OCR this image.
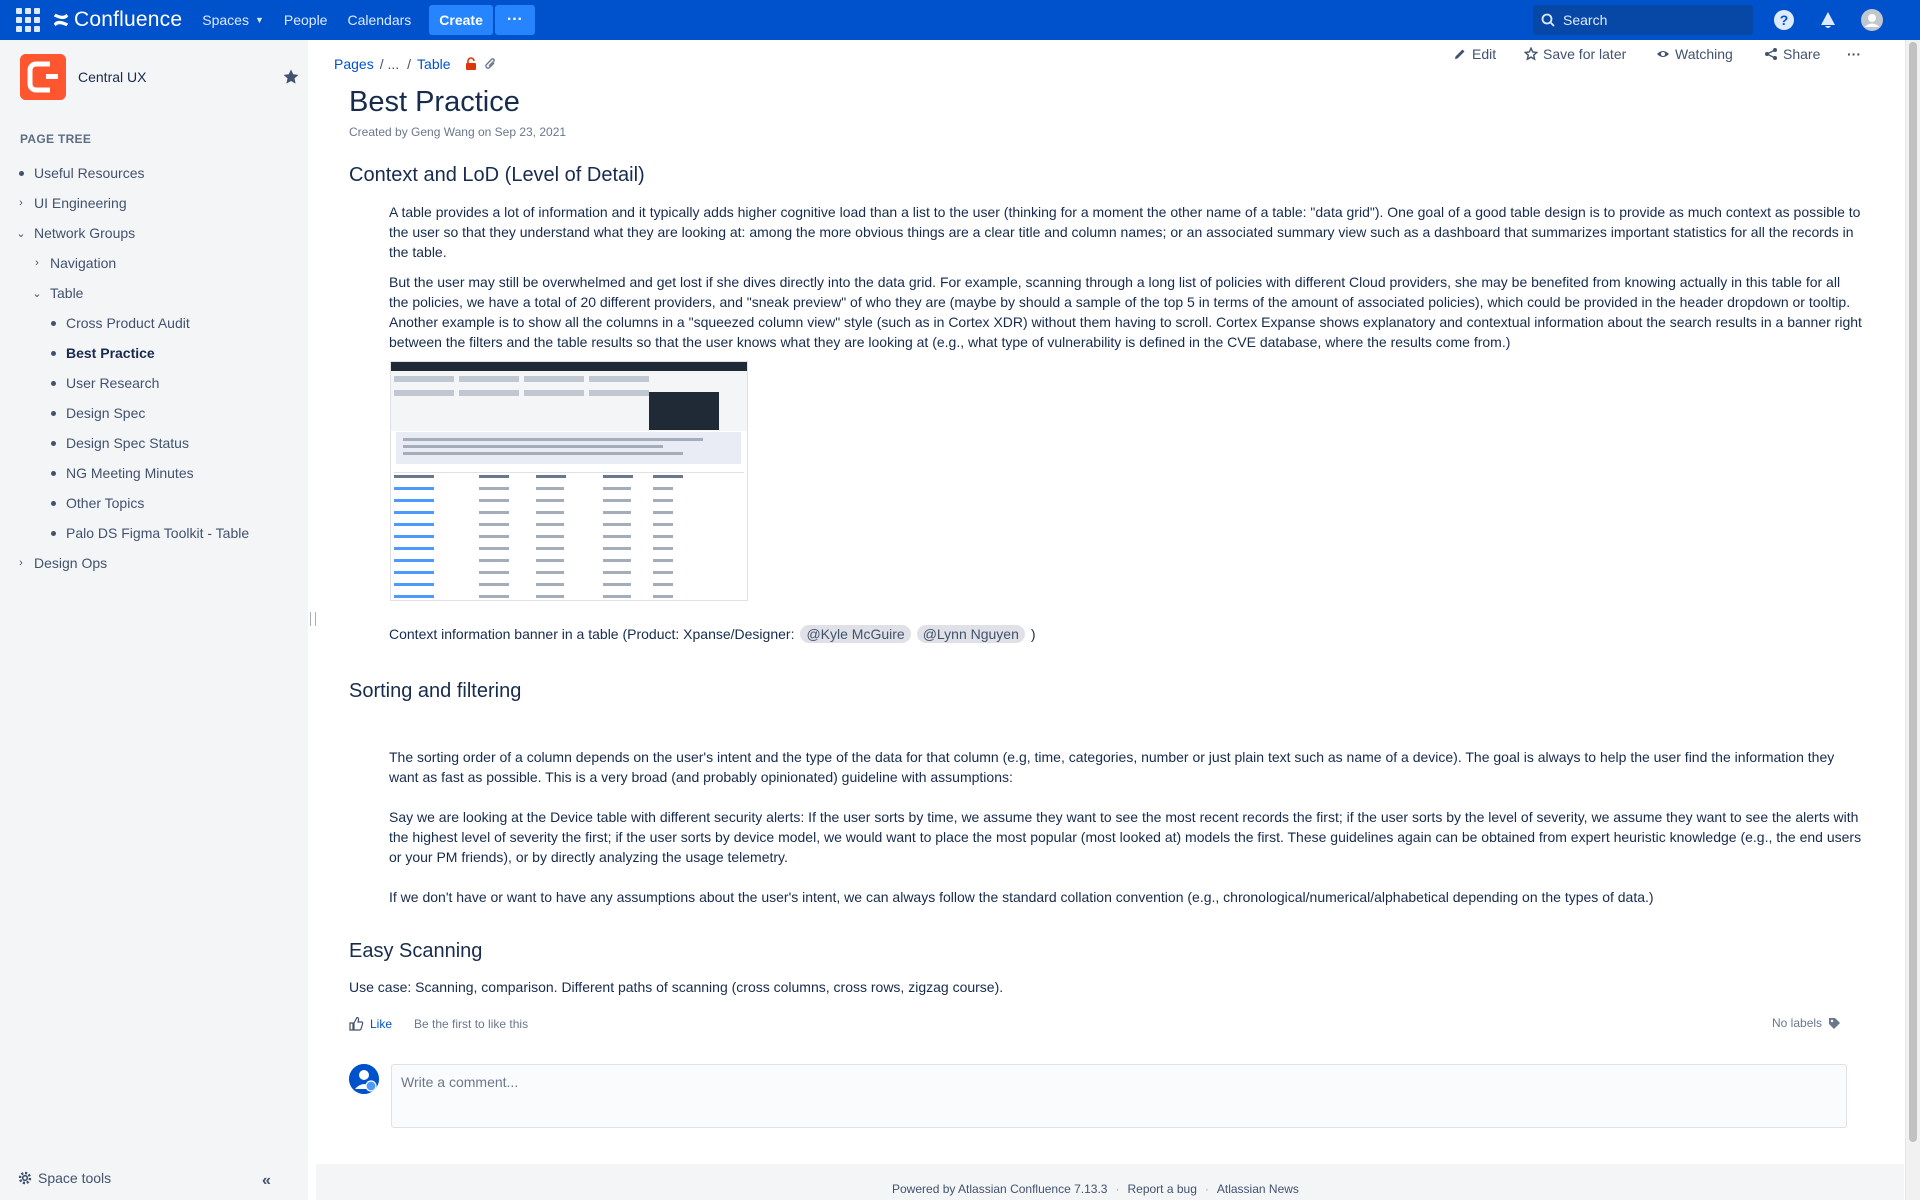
Confluence Spaces ▼ People Calendars	Create	···	Search	?
Central UX
PAGE TREE
Useful Resources
› UI Engineering
⌄ Network Groups
› Navigation
⌄ Table
Cross Product Audit
Best Practice
User Research
Design Spec
Design Spec Status
NG Meeting Minutes
Other Topics
Palo DS Figma Toolkit - Table
› Design Ops
Space tools	«
Pages / ... / Table
Edit	Save for later	Watching	Share ···
Best Practice
Created by Geng Wang on Sep 23, 2021
Context and LoD (Level of Detail)

A table provides a lot of information and it typically adds higher cognitive load than a list to the user (thinking for a moment the other name of a table: "data grid"). One goal of a good table design is to provide as much context as possible to the user so that they understand what they are looking at: among the more obvious things are a clear title and column names; or an associated summary view such as a dashboard that summarizes important statistics for all the records in the table.

But the user may still be overwhelmed and get lost if she dives directly into the data grid. For example, scanning through a long list of policies with different Cloud providers, she may be benefited from knowing actually in this table for all the policies, we have a total of 20 different providers, and "sneak preview" of who they are (maybe by should a sample of the top 5 in terms of the amount of associated policies), which could be provided in the header dropdown or tooltip. Another example is to show all the columns in a "squeezed column view" style (such as in Cortex XDR) without them having to scroll. Cortex Expanse shows explanatory and contextual information about the search results in a banner right between the filters and the table results so that the user knows what they are looking at (e.g., what type of vulnerability is defined in the CVE database, where the results come from.)

Context information banner in a table (Product: Xpanse/Designer: @Kyle McGuire	@Lynn Nguyen )
Sorting and filtering

The sorting order of a column depends on the user's intent and the type of the data for that column (e.g, time, categories, number or just plain text such as name of a device). The goal is always to help the user find the information they want as fast as possible. This is a very broad (and probably opinionated) guideline with assumptions:

Say we are looking at the Device table with different security alerts: If the user sorts by time, we assume they want to see the most recent records the first; if the user sorts by the level of severity, we assume they want to see the alerts with the highest level of severity the first; if the user sorts by device model, we would want to place the most popular (most looked at) models the first. These guidelines again can be obtained from expert heuristic knowledge (e.g., the end users or your PM friends), or by directly analyzing the usage telemetry.

If we don't have or want to have any assumptions about the user's intent, we can always follow the standard collation convention (e.g., chronological/numerical/alphabetical depending on the types of data.)

Easy Scanning

Use case: Scanning, comparison. Different paths of scanning (cross columns, cross rows, zigzag course).

Like Be the first to like this	No labels
Write a comment...
Powered by Atlassian Confluence 7.13.3 · Report a bug · Atlassian News
